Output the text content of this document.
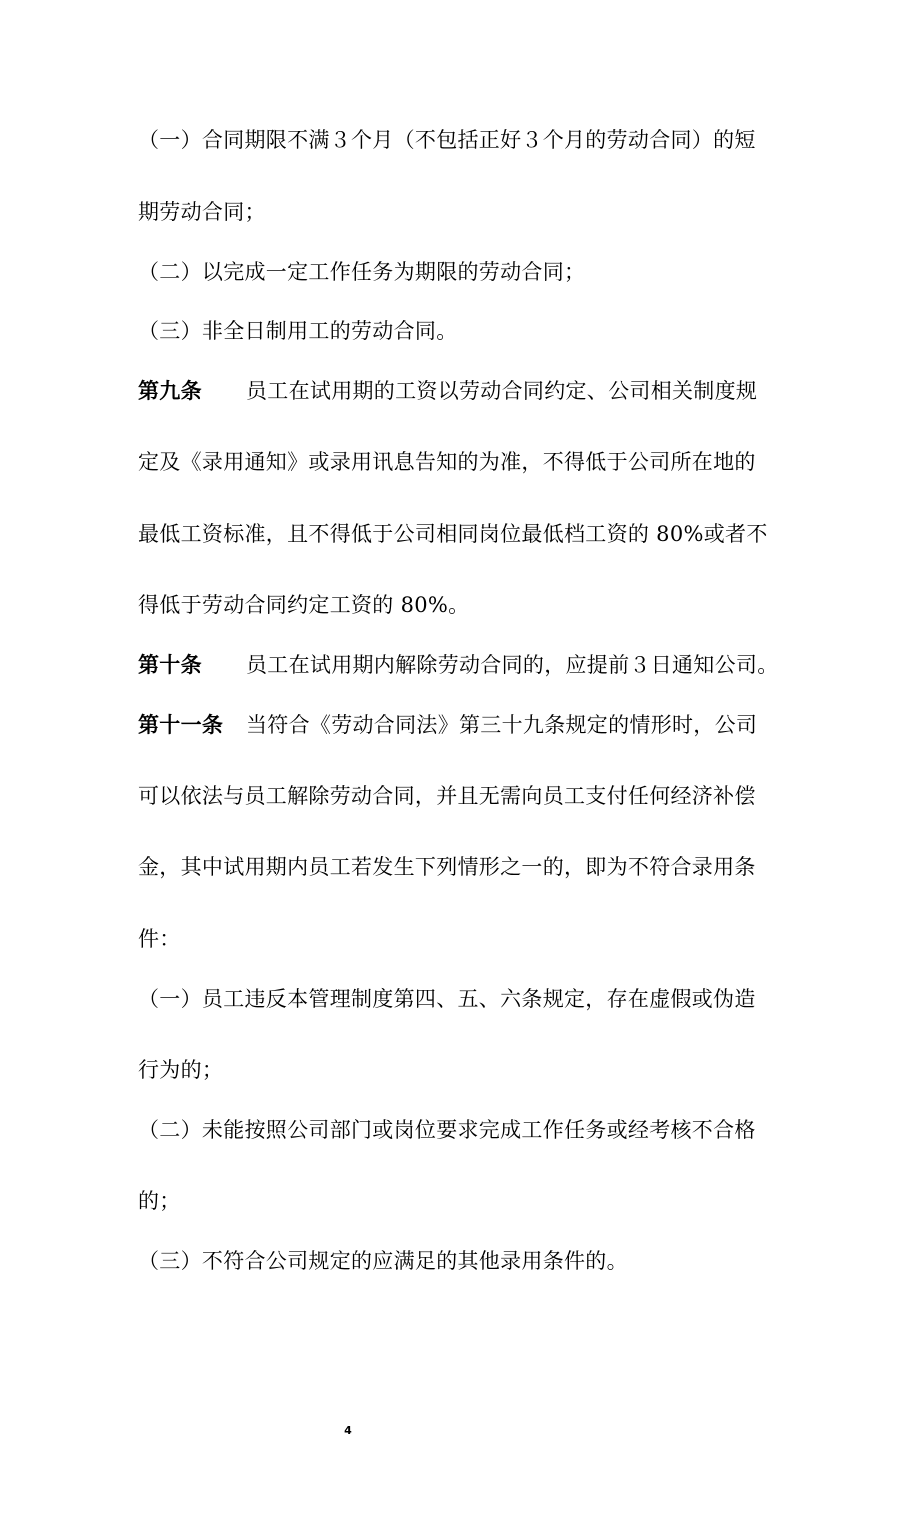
（一）合同期限不满３个月（不包括正好３个月的劳动合同）的短
期劳动合同；
（二）以完成一定工作任务为期限的劳动合同；
（三）非全日制用工的劳动合同。
第九条 员工在试用期的工资以劳动合同约定、公司相关制度规
定及《录用通知》或录用讯息告知的为准，不得低于公司所在地的
最低工资标准，且不得低于公司相同岗位最低档工资的 80%或者不
得低于劳动合同约定工资的 80%。
第十条 员工在试用期内解除劳动合同的，应提前３日通知公司。
第十一条 当符合《劳动合同法》第三十九条规定的情形时，公司
可以依法与员工解除劳动合同，并且无需向员工支付任何经济补偿
金，其中试用期内员工若发生下列情形之一的，即为不符合录用条
件：
（一）员工违反本管理制度第四、五、六条规定，存在虚假或伪造
行为的；
（二）未能按照公司部门或岗位要求完成工作任务或经考核不合格
的；
（三）不符合公司规定的应满足的其他录用条件的。
4
